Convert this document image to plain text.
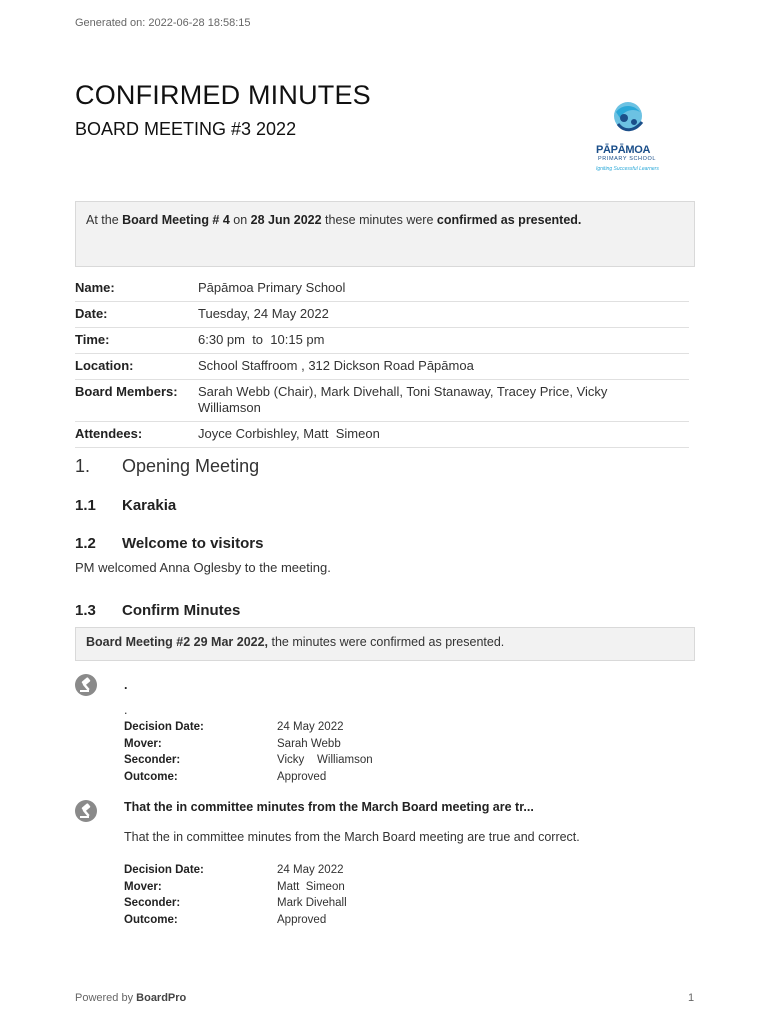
Generated on: 2022-06-28 18:58:15
CONFIRMED MINUTES
BOARD MEETING #3 2022
PĀPĀMOA
PRIMARY SCHOOL
Igniting Successful Learners
At the Board Meeting # 4 on 28 Jun 2022 these minutes were confirmed as presented.
Name:	Pāpāmoa Primary School
Date:	Tuesday, 24 May 2022
Time:	6:30 pm  to  10:15 pm
Location:	School Staffroom , 312 Dickson Road Pāpāmoa
Board Members:	Sarah Webb (Chair), Mark Divehall, Toni Stanaway, Tracey Price, Vicky Williamson
Attendees:	Joyce Corbishley, Matt  Simeon
1. Opening Meeting
1.1 Karakia
1.2 Welcome to visitors
PM welcomed Anna Oglesby to the meeting.
1.3 Confirm Minutes
Board Meeting #2 29 Mar 2022, the minutes were confirmed as presented.
.
.
Decision Date:	24 May 2022
Mover:	Sarah Webb
Seconder:	Vicky    Williamson
Outcome:	Approved
That the in committee minutes from the March Board meeting are tr...
That the in committee minutes from the March Board meeting are true and correct.
Decision Date:	24 May 2022
Mover:	Matt  Simeon
Seconder:	Mark Divehall
Outcome:	Approved
Powered by BoardPro	1
